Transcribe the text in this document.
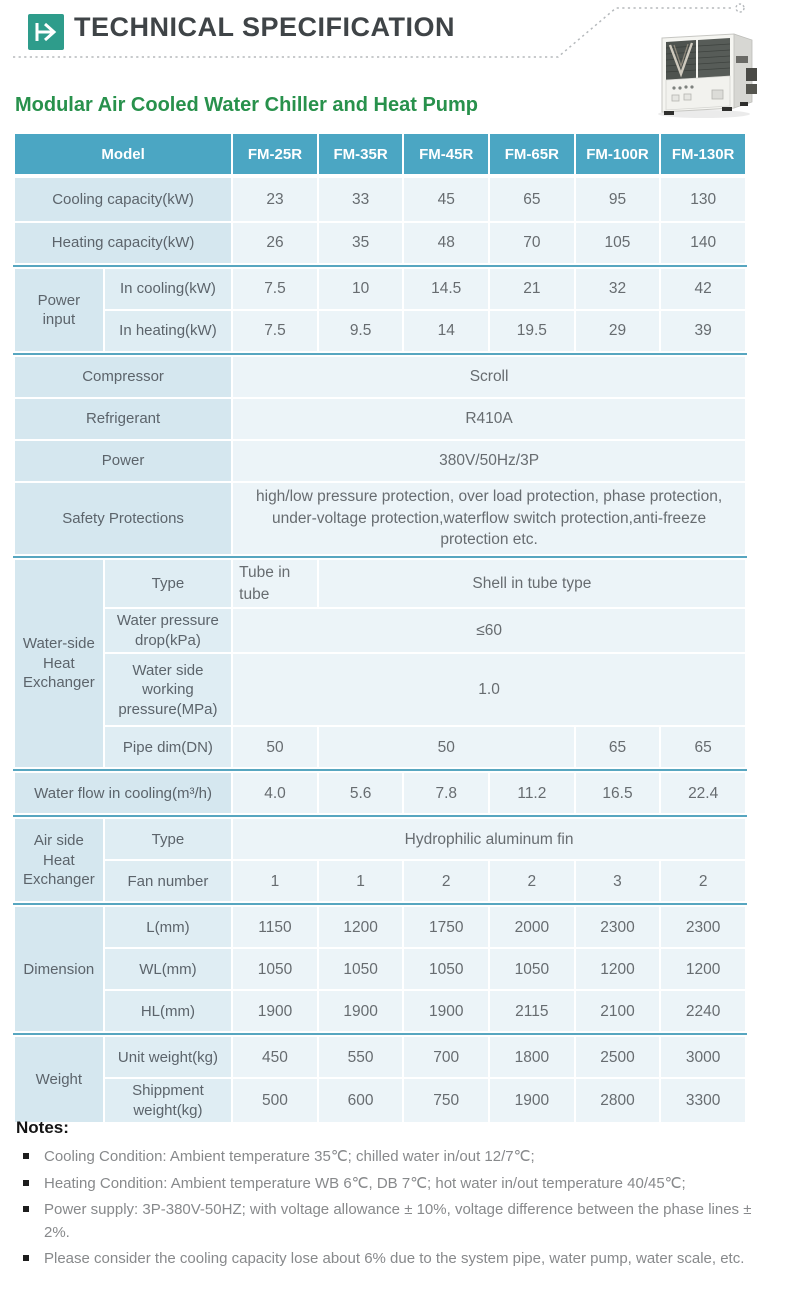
TECHNICAL SPECIFICATION
Modular Air Cooled Water Chiller and Heat Pump
Model	FM-25R	FM-35R	FM-45R	FM-65R	FM-100R	FM-130R
Cooling capacity(kW)	23	33	45	65	95	130
Heating capacity(kW)	26	35	48	70	105	140
Power input	In cooling(kW)	7.5	10	14.5	21	32	42
	In heating(kW)	7.5	9.5	14	19.5	29	39
Compressor	Scroll
Refrigerant	R410A
Power	380V/50Hz/3P
Safety Protections	high/low pressure protection, over load protection, phase protection, under-voltage protection,waterflow switch protection,anti-freeze protection etc.
Water-side Heat Exchanger	Type	Tube in tube	Shell in tube type		
	Water pressure drop(kPa)	≤60			
	Water side working pressure(MPa)	1.0			
	Pipe dim(DN)	50	50	65	65
Water flow in cooling(m³/h)	4.0	5.6	7.8	11.2	16.5	22.4
Air side Heat Exchanger	Type	Hydrophilic aluminum fin					
	Fan number	1	1	2	2	3	2
Dimension	L(mm)	1150	1200	1750	2000	2300	2300
	WL(mm)	1050	1050	1050	1050	1200	1200
	HL(mm)	1900	1900	1900	2115	2100	2240
Weight	Unit weight(kg)	450	550	700	1800	2500	3000
	Shippment weight(kg)	500	600	750	1900	2800	3300
Notes:
Cooling Condition: Ambient temperature 35℃; chilled water in/out 12/7℃;
Heating Condition: Ambient temperature WB 6℃, DB 7℃; hot water in/out temperature 40/45℃;
Power supply: 3P-380V-50HZ; with voltage allowance ± 10%, voltage difference between the phase lines ± 2%.
Please consider the cooling capacity lose about 6% due to the system pipe, water pump, water scale, etc.
